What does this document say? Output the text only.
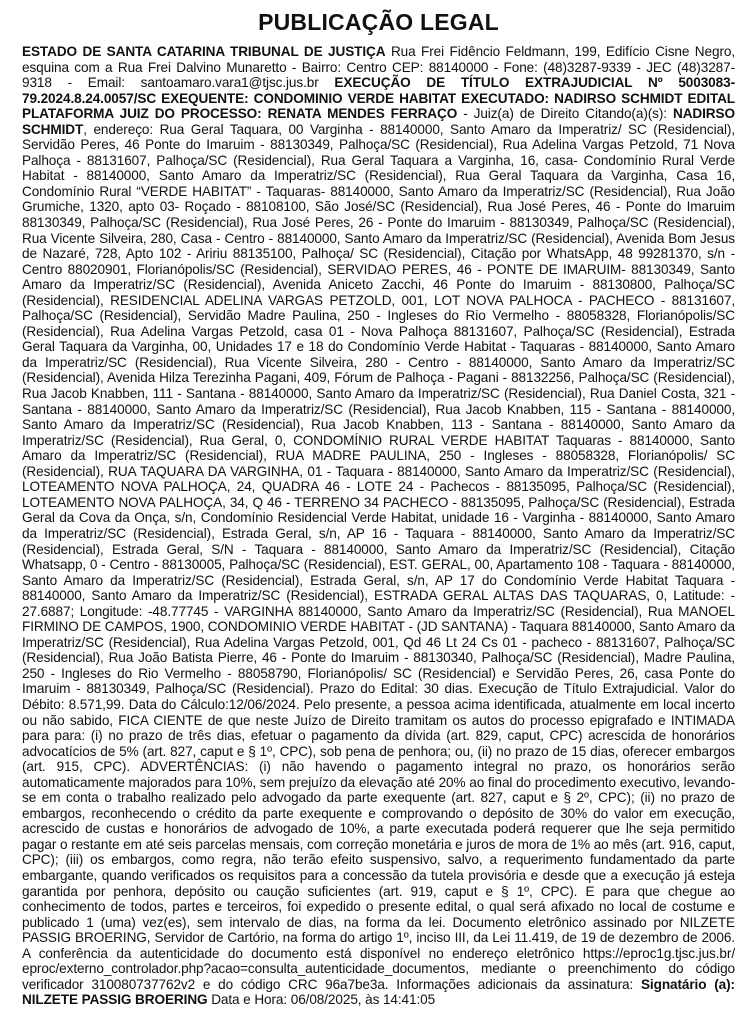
PUBLICAÇÃO LEGAL

ESTADO DE SANTA CATARINA TRIBUNAL DE JUSTIÇA Rua Frei Fidêncio Feldmann, 199, Edifício Cisne Negro, esquina com a Rua Frei Dalvino Munaretto - Bairro: Centro CEP: 88140000 - Fone: (48)3287-9339 - JEC (48)3287-9318 - Email: santoamaro.vara1@tjsc.jus.br EXECUÇÃO DE TÍTULO EXTRAJUDICIAL Nº 5003083-79.2024.8.24.0057/SC EXEQUENTE: CONDOMINIO VERDE HABITAT EXECUTADO: NADIRSO SCHMIDT EDITAL PLATAFORMA JUIZ DO PROCESSO: RENATA MENDES FERRAÇO - Juiz(a) de Direito Citando(a)(s): NADIRSO SCHMIDT, endereço: Rua Geral Taquara, 00 Varginha - 88140000, Santo Amaro da Imperatriz/ SC (Residencial), Servidão Peres, 46 Ponte do Imaruim - 88130349, Palhoça/SC (Residencial), Rua Adelina Vargas Petzold, 71 Nova Palhoça - 88131607, Palhoça/SC (Residencial), Rua Geral Taquara a Varginha, 16, casa- Condomínio Rural Verde Habitat - 88140000, Santo Amaro da Imperatriz/SC (Residencial), Rua Geral Taquara da Varginha, Casa 16, Condomínio Rural “VERDE HABITAT” - Taquaras- 88140000, Santo Amaro da Imperatriz/SC (Residencial), Rua João Grumiche, 1320, apto 03- Roçado - 88108100, São José/SC (Residencial), Rua José Peres, 46 - Ponte do Imaruim 88130349, Palhoça/SC (Residencial), Rua José Peres, 26 - Ponte do Imaruim - 88130349, Palhoça/SC (Residencial), Rua Vicente Silveira, 280, Casa - Centro - 88140000, Santo Amaro da Imperatriz/SC (Residencial), Avenida Bom Jesus de Nazaré, 728, Apto 102 - Aririu 88135100, Palhoça/ SC (Residencial), Citação por WhatsApp, 48 99281370, s/n - Centro 88020901, Florianópolis/SC (Residencial), SERVIDAO PERES, 46 - PONTE DE IMARUIM- 88130349, Santo Amaro da Imperatriz/SC (Residencial), Avenida Aniceto Zacchi, 46 Ponte do Imaruim - 88130800, Palhoça/SC (Residencial), RESIDENCIAL ADELINA VARGAS PETZOLD, 001, LOT NOVA PALHOCA - PACHECO - 88131607, Palhoça/SC (Residencial), Servidão Madre Paulina, 250 - Ingleses do Rio Vermelho - 88058328, Florianópolis/SC (Residencial), Rua Adelina Vargas Petzold, casa 01 - Nova Palhoça 88131607, Palhoça/SC (Residencial), Estrada Geral Taquara da Varginha, 00, Unidades 17 e 18 do Condomínio Verde Habitat - Taquaras - 88140000, Santo Amaro da Imperatriz/SC (Residencial), Rua Vicente Silveira, 280 - Centro - 88140000, Santo Amaro da Imperatriz/SC (Residencial), Avenida Hilza Terezinha Pagani, 409, Fórum de Palhoça - Pagani - 88132256, Palhoça/SC (Residencial), Rua Jacob Knabben, 111 - Santana - 88140000, Santo Amaro da Imperatriz/SC (Residencial), Rua Daniel Costa, 321 - Santana - 88140000, Santo Amaro da Imperatriz/SC (Residencial), Rua Jacob Knabben, 115 - Santana - 88140000, Santo Amaro da Imperatriz/SC (Residencial), Rua Jacob Knabben, 113 - Santana - 88140000, Santo Amaro da Imperatriz/SC (Residencial), Rua Geral, 0, CONDOMÍNIO RURAL VERDE HABITAT Taquaras - 88140000, Santo Amaro da Imperatriz/SC (Residencial), RUA MADRE PAULINA, 250 - Ingleses - 88058328, Florianópolis/ SC (Residencial), RUA TAQUARA DA VARGINHA, 01 - Taquara - 88140000, Santo Amaro da Imperatriz/SC (Residencial), LOTEAMENTO NOVA PALHOÇA, 24, QUADRA 46 - LOTE 24 - Pachecos - 88135095, Palhoça/SC (Residencial), LOTEAMENTO NOVA PALHOÇA, 34, Q 46 - TERRENO 34 PACHECO - 88135095, Palhoça/SC (Residencial), Estrada Geral da Cova da Onça, s/n, Condomínio Residencial Verde Habitat, unidade 16 - Varginha - 88140000, Santo Amaro da Imperatriz/SC (Residencial), Estrada Geral, s/n, AP 16 - Taquara - 88140000, Santo Amaro da Imperatriz/SC (Residencial), Estrada Geral, S/N - Taquara - 88140000, Santo Amaro da Imperatriz/SC (Residencial), Citação Whatsapp, 0 - Centro - 88130005, Palhoça/SC (Residencial), EST. GERAL, 00, Apartamento 108 - Taquara - 88140000, Santo Amaro da Imperatriz/SC (Residencial), Estrada Geral, s/n, AP 17 do Condomínio Verde Habitat Taquara - 88140000, Santo Amaro da Imperatriz/SC (Residencial), ESTRADA GERAL ALTAS DAS TAQUARAS, 0, Latitude: - 27.6887; Longitude: -48.77745 - VARGINHA 88140000, Santo Amaro da Imperatriz/SC (Residencial), Rua MANOEL FIRMINO DE CAMPOS, 1900, CONDOMINIO VERDE HABITAT - (JD SANTANA) - Taquara 88140000, Santo Amaro da Imperatriz/SC (Residencial), Rua Adelina Vargas Petzold, 001, Qd 46 Lt 24 Cs 01 - pacheco - 88131607, Palhoça/SC (Residencial), Rua João Batista Pierre, 46 - Ponte do Imaruim - 88130340, Palhoça/SC (Residencial), Madre Paulina, 250 - Ingleses do Rio Vermelho - 88058790, Florianópolis/ SC (Residencial) e Servidão Peres, 26, casa Ponte do Imaruim - 88130349, Palhoça/SC (Residencial). Prazo do Edital: 30 dias. Execução de Título Extrajudicial. Valor do Débito: 8.571,99. Data do Cálculo:12/06/2024. Pelo presente, a pessoa acima identificada, atualmente em local incerto ou não sabido, FICA CIENTE de que neste Juízo de Direito tramitam os autos do processo epigrafado e INTIMADA para para: (i) no prazo de três dias, efetuar o pagamento da dívida (art. 829, caput, CPC) acrescida de honorários advocatícios de 5% (art. 827, caput e § 1º, CPC), sob pena de penhora; ou, (ii) no prazo de 15 dias, oferecer embargos (art. 915, CPC). ADVERTÊNCIAS: (i) não havendo o pagamento integral no prazo, os honorários serão automaticamente majorados para 10%, sem prejuízo da elevação até 20% ao final do procedimento executivo, levando-se em conta o trabalho realizado pelo advogado da parte exequente (art. 827, caput e § 2º, CPC); (ii) no prazo de embargos, reconhecendo o crédito da parte exequente e comprovando o depósito de 30% do valor em execução, acrescido de custas e honorários de advogado de 10%, a parte executada poderá requerer que lhe seja permitido pagar o restante em até seis parcelas mensais, com correção monetária e juros de mora de 1% ao mês (art. 916, caput, CPC); (iii) os embargos, como regra, não terão efeito suspensivo, salvo, a requerimento fundamentado da parte embargante, quando verificados os requisitos para a concessão da tutela provisória e desde que a execução já esteja garantida por penhora, depósito ou caução suficientes (art. 919, caput e § 1º, CPC). E para que chegue ao conhecimento de todos, partes e terceiros, foi expedido o presente edital, o qual será afixado no local de costume e publicado 1 (uma) vez(es), sem intervalo de dias, na forma da lei. Documento eletrônico assinado por NILZETE PASSIG BROERING, Servidor de Cartório, na forma do artigo 1º, inciso III, da Lei 11.419, de 19 de dezembro de 2006. A conferência da autenticidade do documento está disponível no endereço eletrônico https://eproc1g.tjsc.jus.br/ eproc/externo_controlador.php?acao=consulta_autenticidade_documentos, mediante o preenchimento do código verificador 310080737762v2 e do código CRC 96a7be3a. Informações adicionais da assinatura: Signatário (a): NILZETE PASSIG BROERING Data e Hora: 06/08/2025, às 14:41:05
